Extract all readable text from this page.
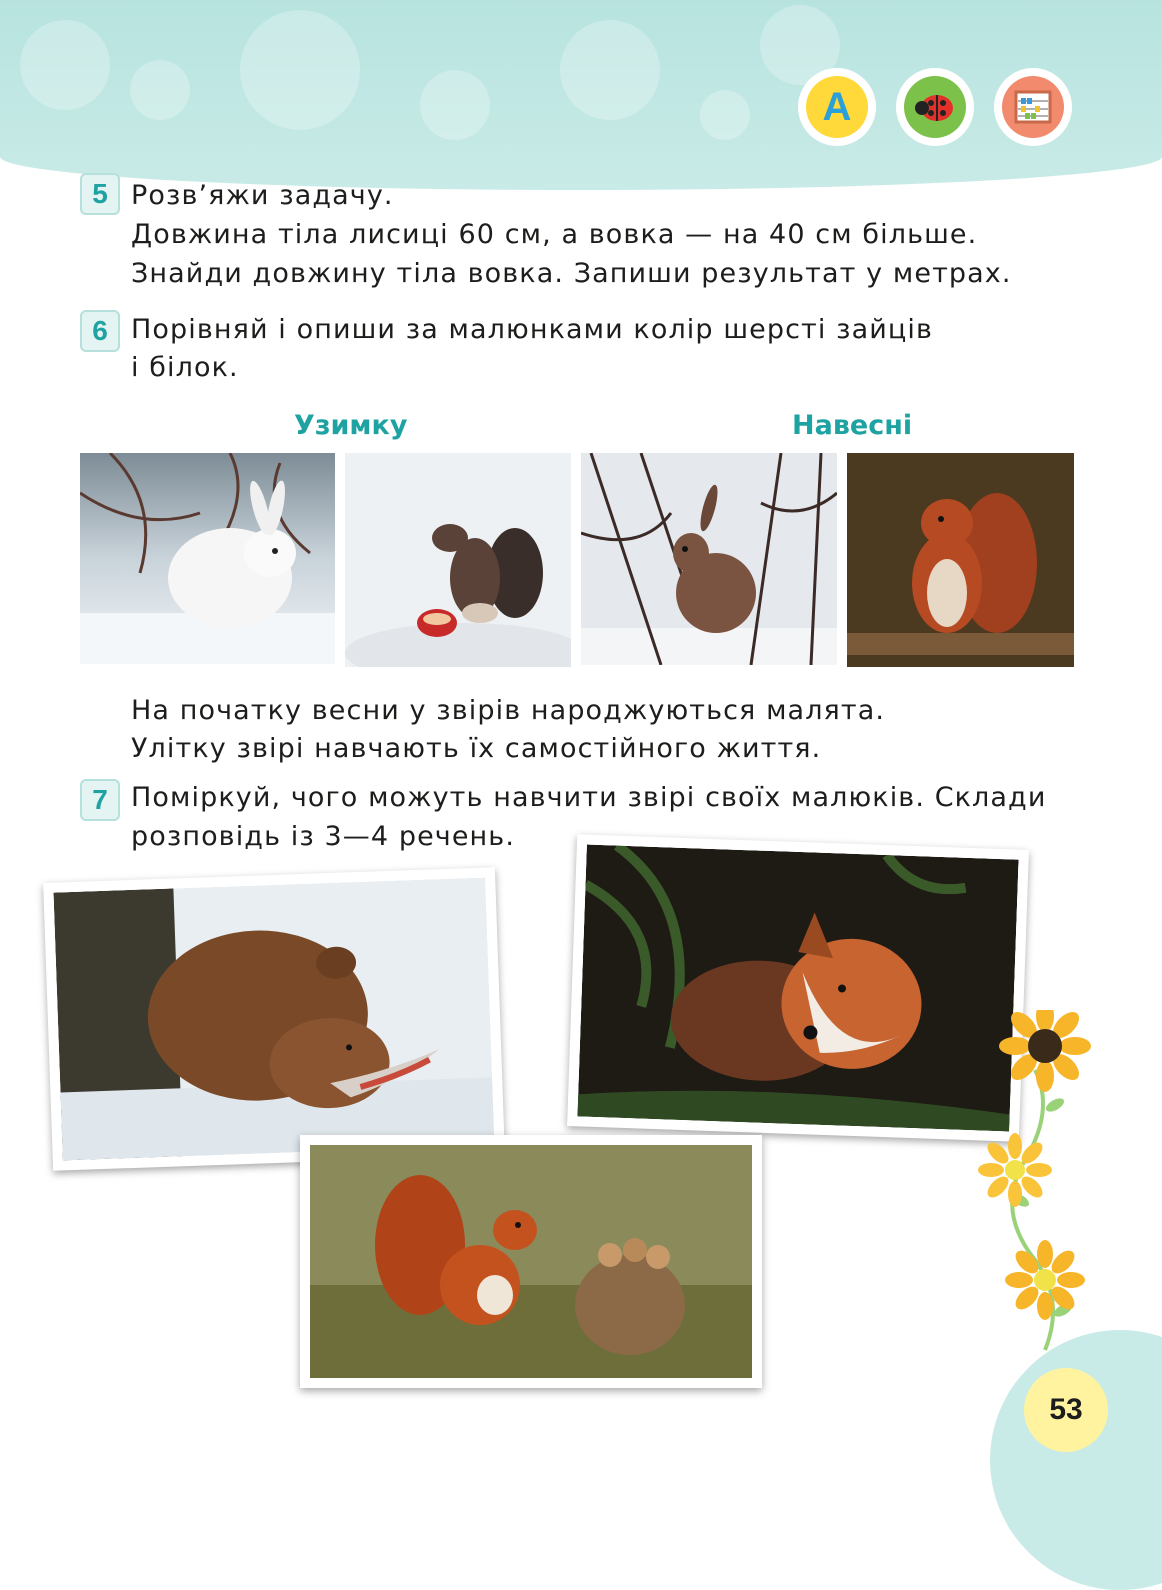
A
5 Розв’яжи задачу.
Довжина тіла лисиці 60 см, а вовка — на 40 см більше.
Знайди довжину тіла вовка. Запиши результат у метрах.
6 Порівняй і опиши за малюнками колір шерсті зайців
і білок.
Узимку	Навесні
На початку весни у звірів народжуються малята.
Улітку звірі навчають їх самостійного життя.
7 Поміркуй, чого можуть навчити звірі своїх малюків. Склади
розповідь із 3—4 речень.
53
